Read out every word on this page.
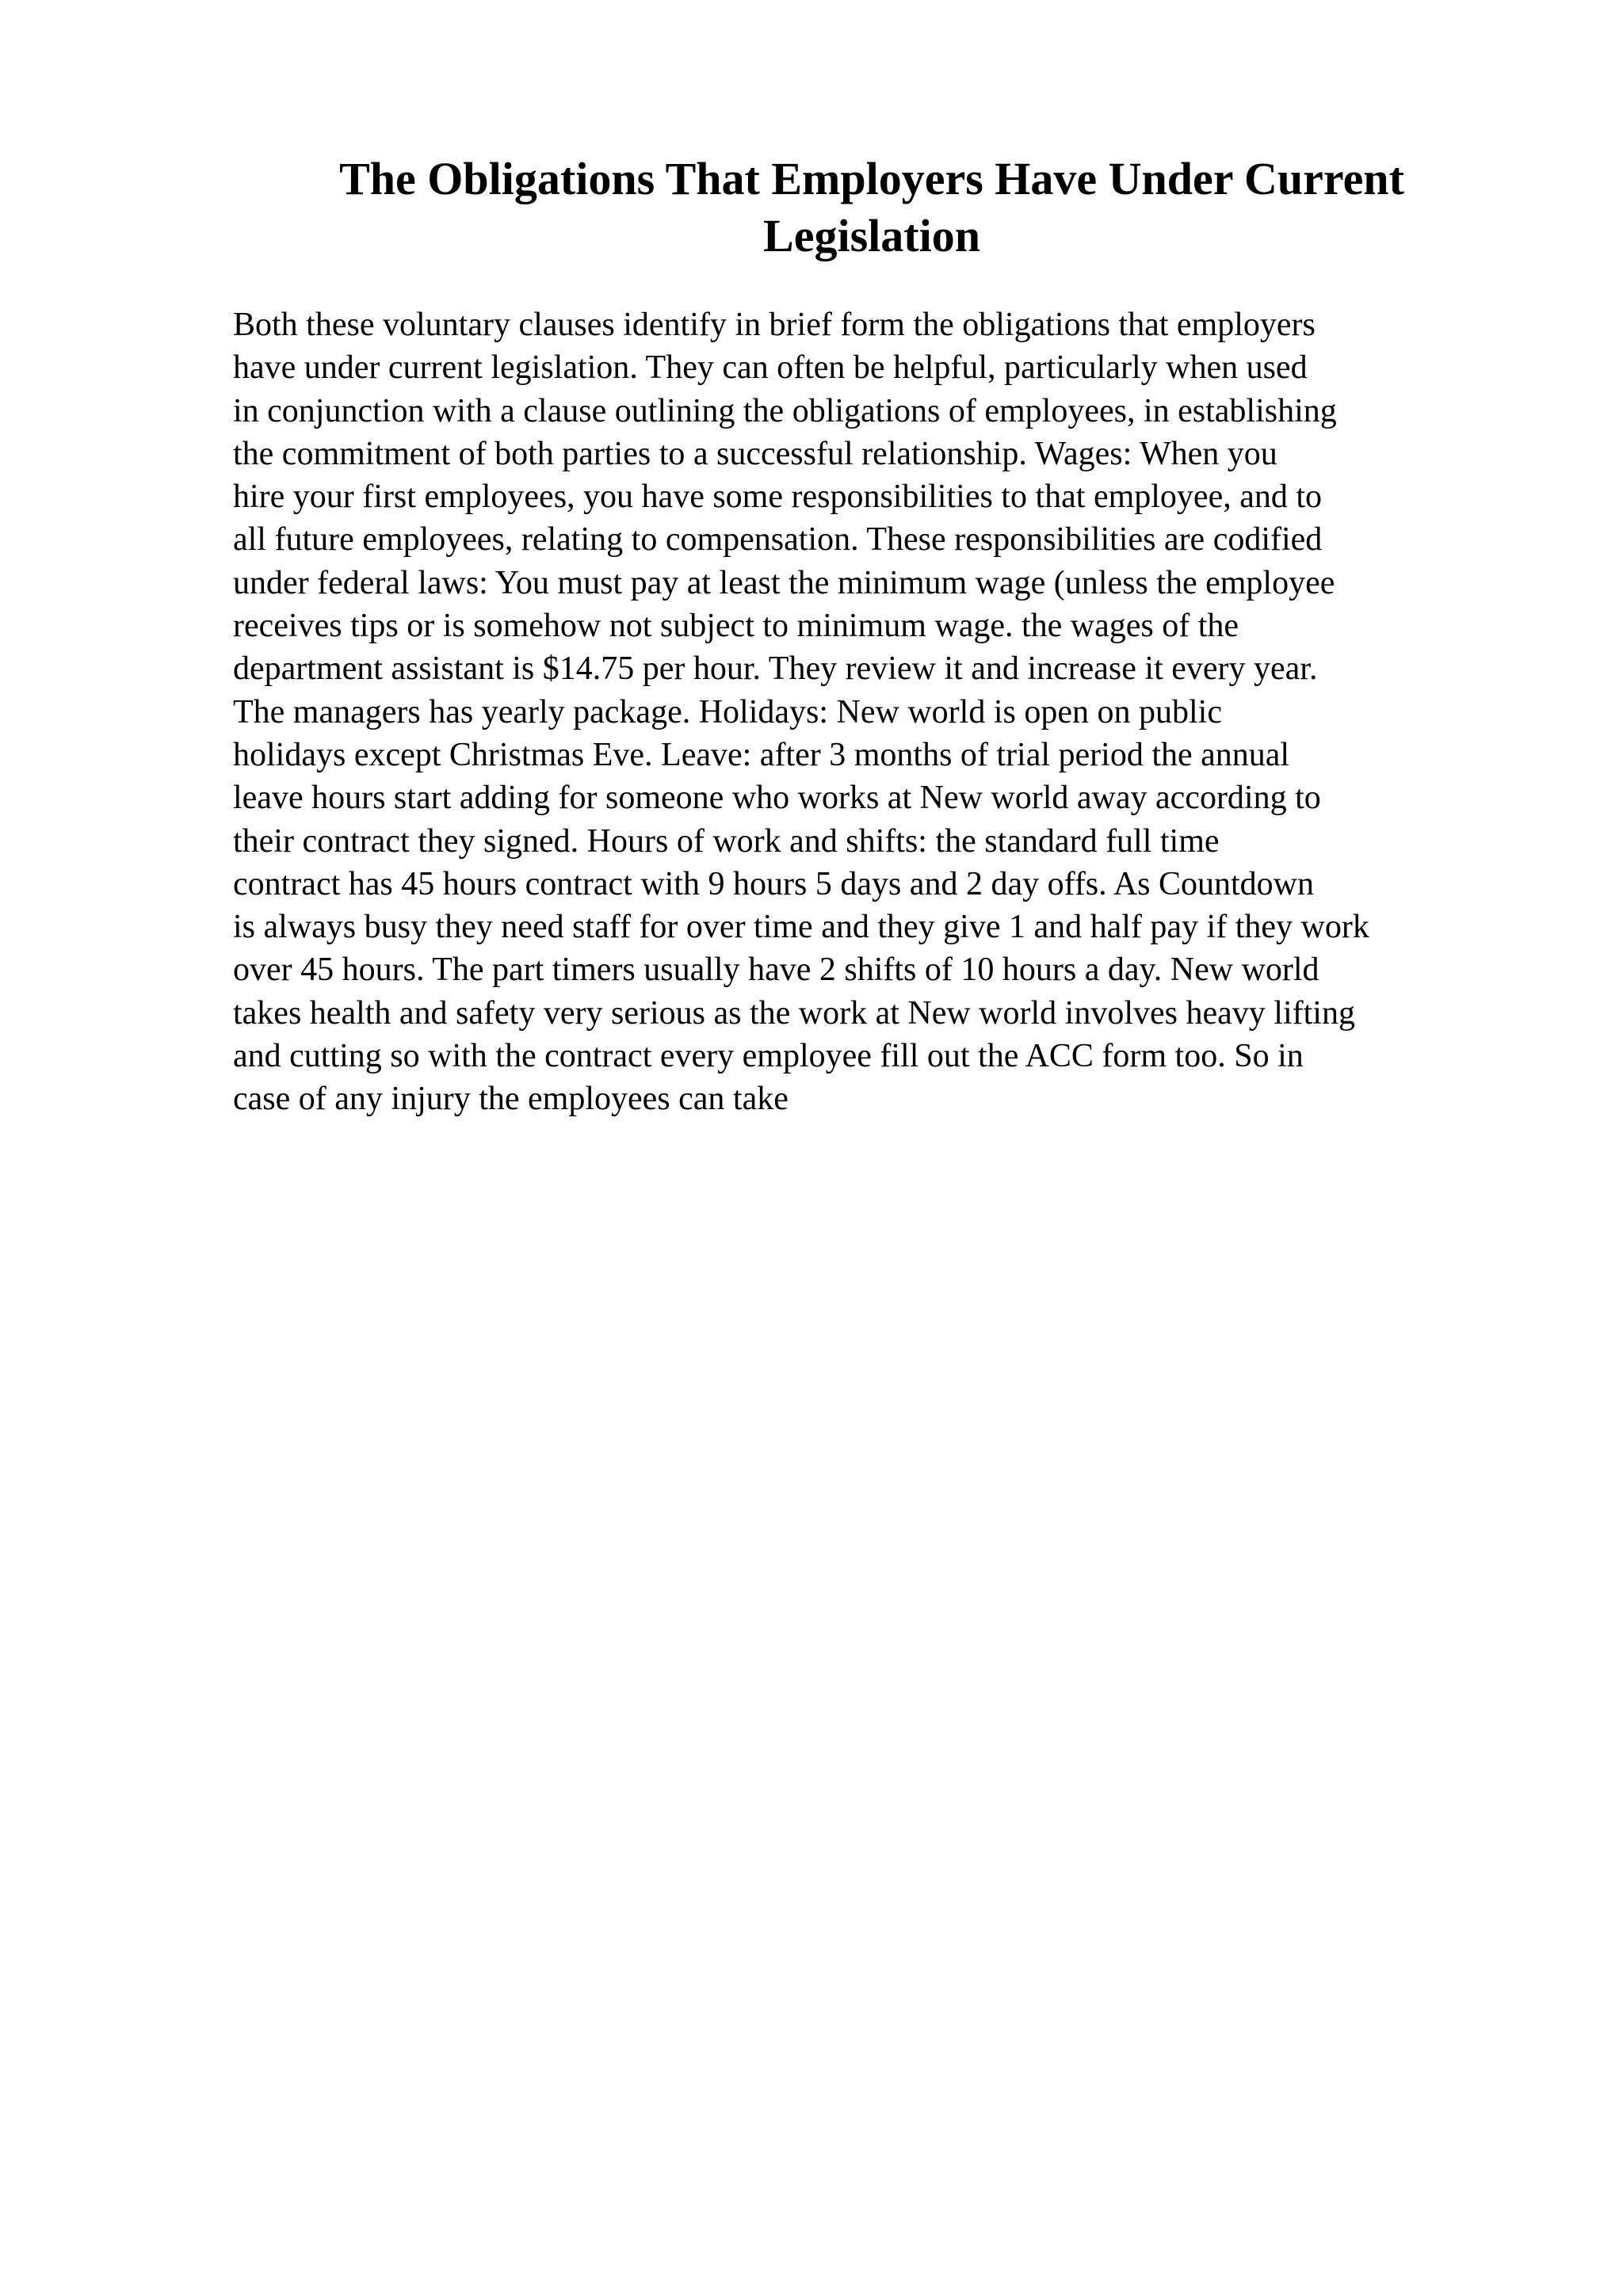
The Obligations That Employers Have Under Current
Legislation
Both these voluntary clauses identify in brief form the obligations that employers
have under current legislation. They can often be helpful, particularly when used
in conjunction with a clause outlining the obligations of employees, in establishing
the commitment of both parties to a successful relationship. Wages: When you
hire your first employees, you have some responsibilities to that employee, and to
all future employees, relating to compensation. These responsibilities are codified
under federal laws: You must pay at least the minimum wage (unless the employee
receives tips or is somehow not subject to minimum wage. the wages of the
department assistant is $14.75 per hour. They review it and increase it every year.
The managers has yearly package. Holidays: New world is open on public
holidays except Christmas Eve. Leave: after 3 months of trial period the annual
leave hours start adding for someone who works at New world away according to
their contract they signed. Hours of work and shifts: the standard full time
contract has 45 hours contract with 9 hours 5 days and 2 day offs. As Countdown
is always busy they need staff for over time and they give 1 and half pay if they work
over 45 hours. The part timers usually have 2 shifts of 10 hours a day. New world
takes health and safety very serious as the work at New world involves heavy lifting
and cutting so with the contract every employee fill out the ACC form too. So in
case of any injury the employees can take
